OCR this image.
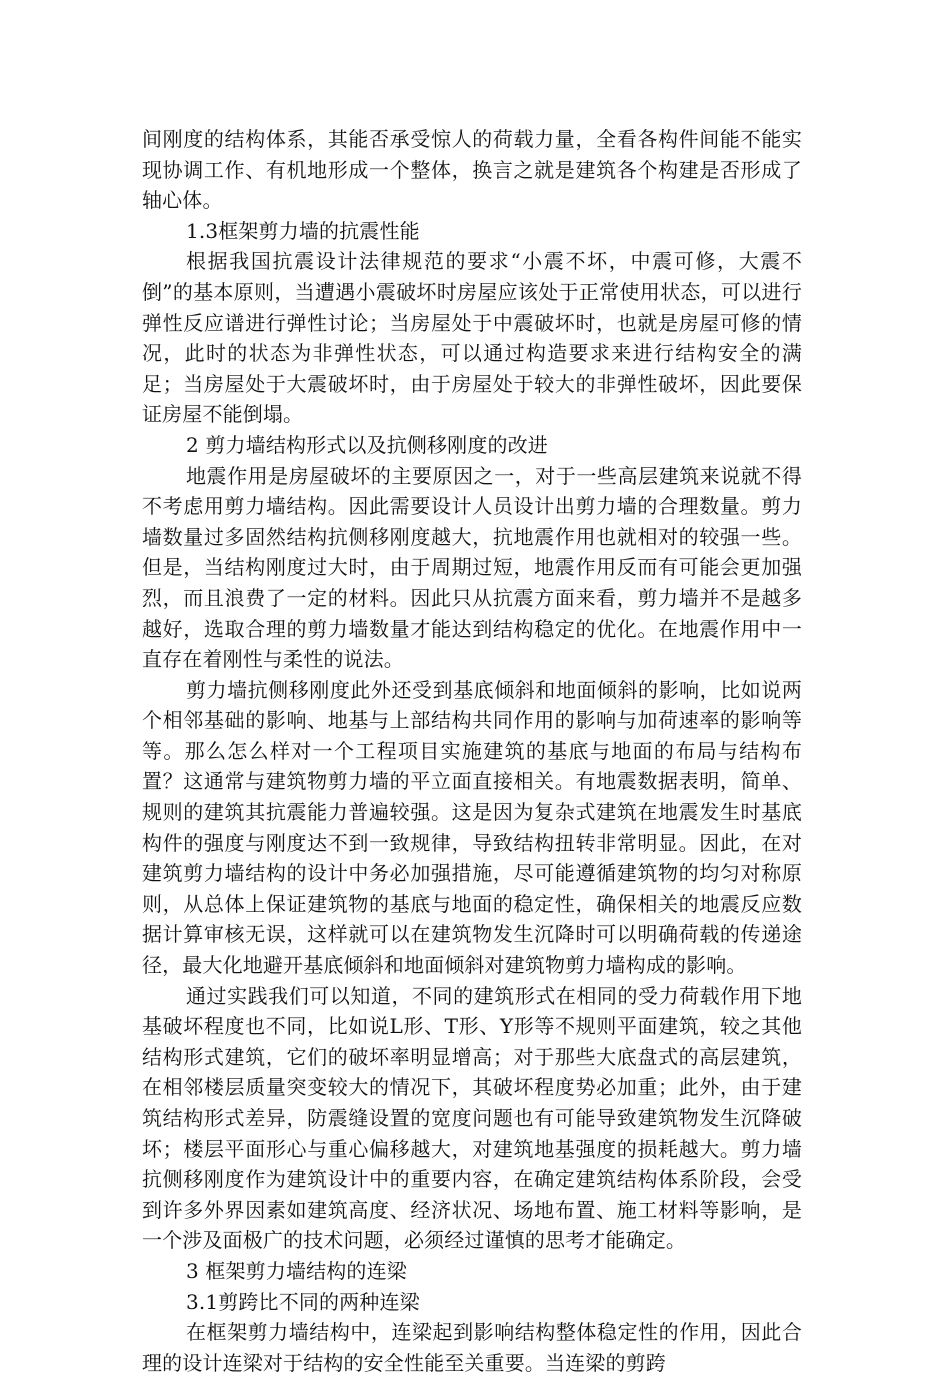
间刚度的结构体系，其能否承受惊人的荷载力量，全看各构件间能不能实现协调工作、有机地形成一个整体，换言之就是建筑各个构建是否形成了轴心体。

1.3框架剪力墙的抗震性能

根据我国抗震设计法律规范的要求“小震不坏，中震可修，大震不倒”的基本原则，当遭遇小震破坏时房屋应该处于正常使用状态，可以进行弹性反应谱进行弹性讨论；当房屋处于中震破坏时，也就是房屋可修的情况，此时的状态为非弹性状态，可以通过构造要求来进行结构安全的满足；当房屋处于大震破坏时，由于房屋处于较大的非弹性破坏，因此要保证房屋不能倒塌。

2 剪力墙结构形式以及抗侧移刚度的改进

地震作用是房屋破坏的主要原因之一，对于一些高层建筑来说就不得不考虑用剪力墙结构。因此需要设计人员设计出剪力墙的合理数量。剪力墙数量过多固然结构抗侧移刚度越大，抗地震作用也就相对的较强一些。但是，当结构刚度过大时，由于周期过短，地震作用反而有可能会更加强烈，而且浪费了一定的材料。因此只从抗震方面来看，剪力墙并不是越多越好，选取合理的剪力墙数量才能达到结构稳定的优化。在地震作用中一直存在着刚性与柔性的说法。

剪力墙抗侧移刚度此外还受到基底倾斜和地面倾斜的影响，比如说两个相邻基础的影响、地基与上部结构共同作用的影响与加荷速率的影响等等。那么怎么样对一个工程项目实施建筑的基底与地面的布局与结构布置？这通常与建筑物剪力墙的平立面直接相关。有地震数据表明，简单、规则的建筑其抗震能力普遍较强。这是因为复杂式建筑在地震发生时基底构件的强度与刚度达不到一致规律，导致结构扭转非常明显。因此，在对建筑剪力墙结构的设计中务必加强措施，尽可能遵循建筑物的均匀对称原则，从总体上保证建筑物的基底与地面的稳定性，确保相关的地震反应数据计算审核无误，这样就可以在建筑物发生沉降时可以明确荷载的传递途径，最大化地避开基底倾斜和地面倾斜对建筑物剪力墙构成的影响。

通过实践我们可以知道，不同的建筑形式在相同的受力荷载作用下地基破坏程度也不同，比如说L形、T形、Y形等不规则平面建筑，较之其他结构形式建筑，它们的破坏率明显增高；对于那些大底盘式的高层建筑，在相邻楼层质量突变较大的情况下，其破坏程度势必加重；此外，由于建筑结构形式差异，防震缝设置的宽度问题也有可能导致建筑物发生沉降破坏；楼层平面形心与重心偏移越大，对建筑地基强度的损耗越大。剪力墙抗侧移刚度作为建筑设计中的重要内容，在确定建筑结构体系阶段，会受到许多外界因素如建筑高度、经济状况、场地布置、施工材料等影响，是一个涉及面极广的技术问题，必须经过谨慎的思考才能确定。

3 框架剪力墙结构的连梁

3.1剪跨比不同的两种连梁

在框架剪力墙结构中，连梁起到影响结构整体稳定性的作用，因此合理的设计连梁对于结构的安全性能至关重要。当连梁的剪跨
